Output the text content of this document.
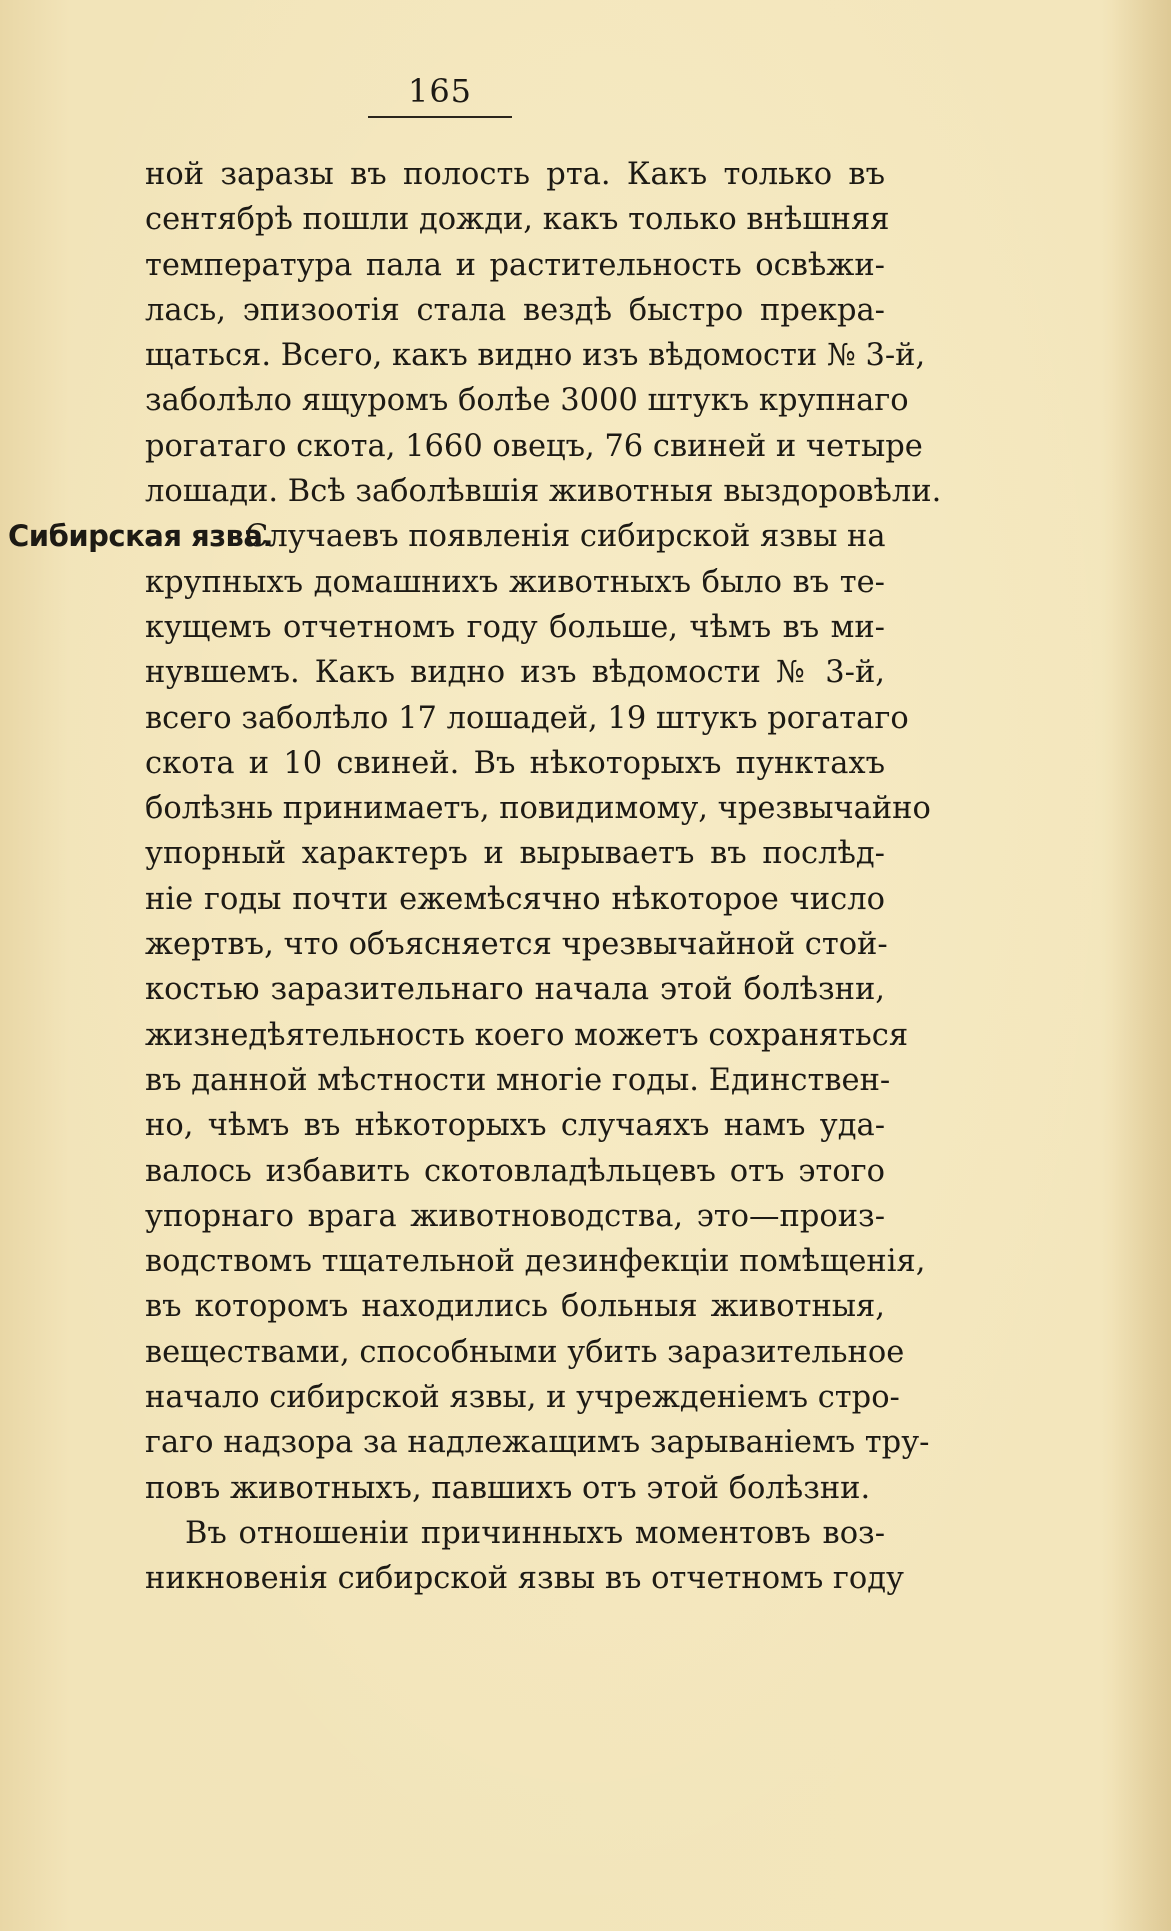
165
ной заразы въ полость рта. Какъ только въ
сентябрѣ пошли дожди, какъ только внѣшняя
температура пала и растительность освѣжи-
лась, эпизоотія стала вездѣ быстро прекра-
щаться. Всего, какъ видно изъ вѣдомости № 3-й,
заболѣло ящуромъ болѣе 3000 штукъ крупнаго
рогатаго скота, 1660 овецъ, 76 свиней и четыре
лошади. Всѣ заболѣвшія животныя выздоровѣли.
Сибирская язва.
Случаевъ появленія сибирской язвы на
крупныхъ домашнихъ животныхъ было въ те-
кущемъ отчетномъ году больше, чѣмъ въ ми-
нувшемъ. Какъ видно изъ вѣдомости № 3-й,
всего заболѣло 17 лошадей, 19 штукъ рогатаго
скота и 10 свиней. Въ нѣкоторыхъ пунктахъ
болѣзнь принимаетъ, повидимому, чрезвычайно
упорный характеръ и вырываетъ въ послѣд-
ніе годы почти ежемѣсячно нѣкоторое число
жертвъ, что объясняется чрезвычайной стой-
костью заразительнаго начала этой болѣзни,
жизнедѣятельность коего можетъ сохраняться
въ данной мѣстности многіе годы. Единствен-
но, чѣмъ въ нѣкоторыхъ случаяхъ намъ уда-
валось избавить скотовладѣльцевъ отъ этого
упорнаго врага животноводства, это—произ-
водствомъ тщательной дезинфекціи помѣщенія,
въ которомъ находились больныя животныя,
веществами, способными убить заразительное
начало сибирской язвы, и учрежденіемъ стро-
гаго надзора за надлежащимъ зарываніемъ тру-
повъ животныхъ, павшихъ отъ этой болѣзни.
Въ отношеніи причинныхъ моментовъ воз-
никновенія сибирской язвы въ отчетномъ году
